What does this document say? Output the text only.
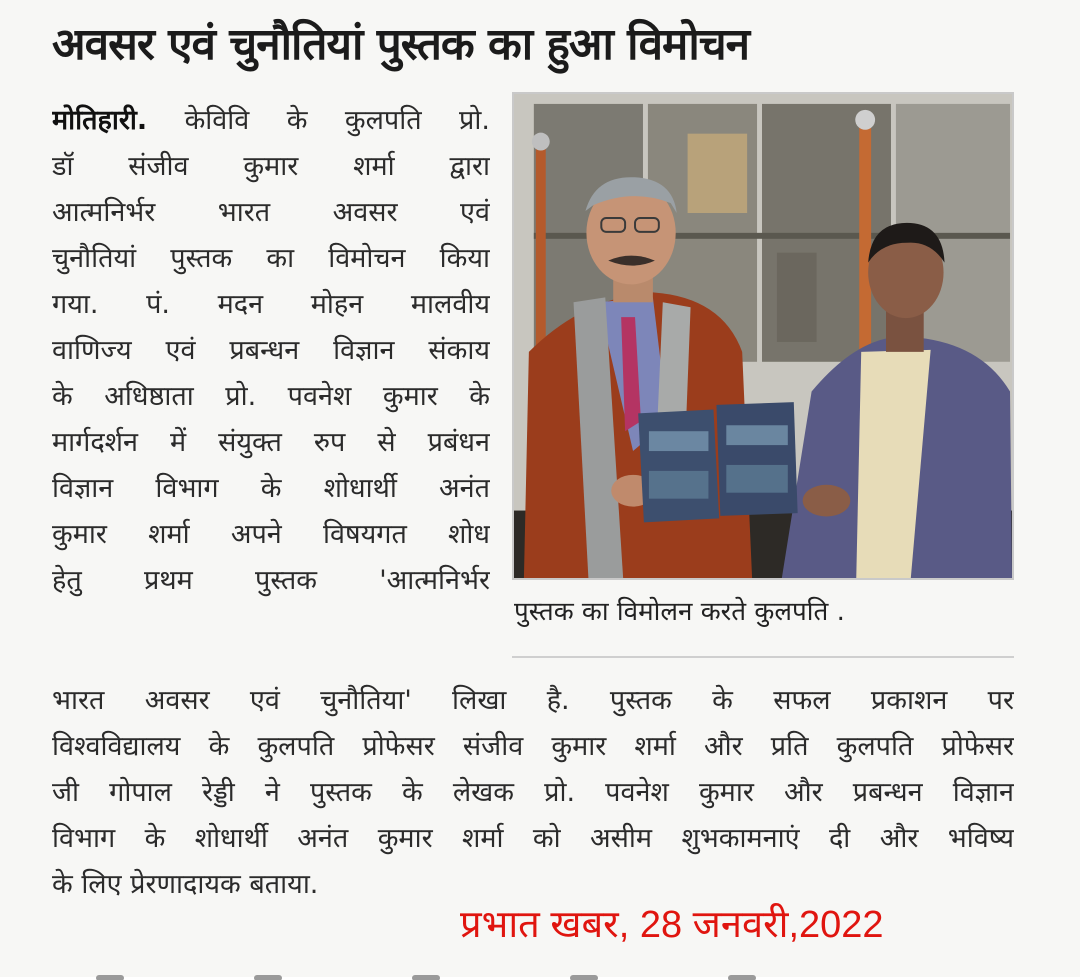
अवसर एवं चुनौतियां पुस्तक का हुआ विमोचन
मोतिहारी. केविवि के कुलपति प्रो.
डॉ संजीव कुमार शर्मा द्वारा
आत्मनिर्भर भारत अवसर एवं
चुनौतियां पुस्तक का विमोचन किया
गया. पं. मदन मोहन मालवीय
वाणिज्य एवं प्रबन्धन विज्ञान संकाय
के अधिष्ठाता प्रो. पवनेश कुमार के
मार्गदर्शन में संयुक्त रुप से प्रबंधन
विज्ञान विभाग के शोधार्थी अनंत
कुमार शर्मा अपने विषयगत शोध
हेतु प्रथम पुस्तक 'आत्मनिर्भर
पुस्तक का विमोलन करते कुलपति .
भारत अवसर एवं चुनौतिया' लिखा है. पुस्तक के सफल प्रकाशन पर
विश्वविद्यालय के कुलपति प्रोफेसर संजीव कुमार शर्मा और प्रति कुलपति प्रोफेसर
जी गोपाल रेड्डी ने पुस्तक के लेखक प्रो. पवनेश कुमार और प्रबन्धन विज्ञान
विभाग के शोधार्थी अनंत कुमार शर्मा को असीम शुभकामनाएं दी और भविष्य
के लिए प्रेरणादायक बताया.
प्रभात खबर, 28 जनवरी,2022
